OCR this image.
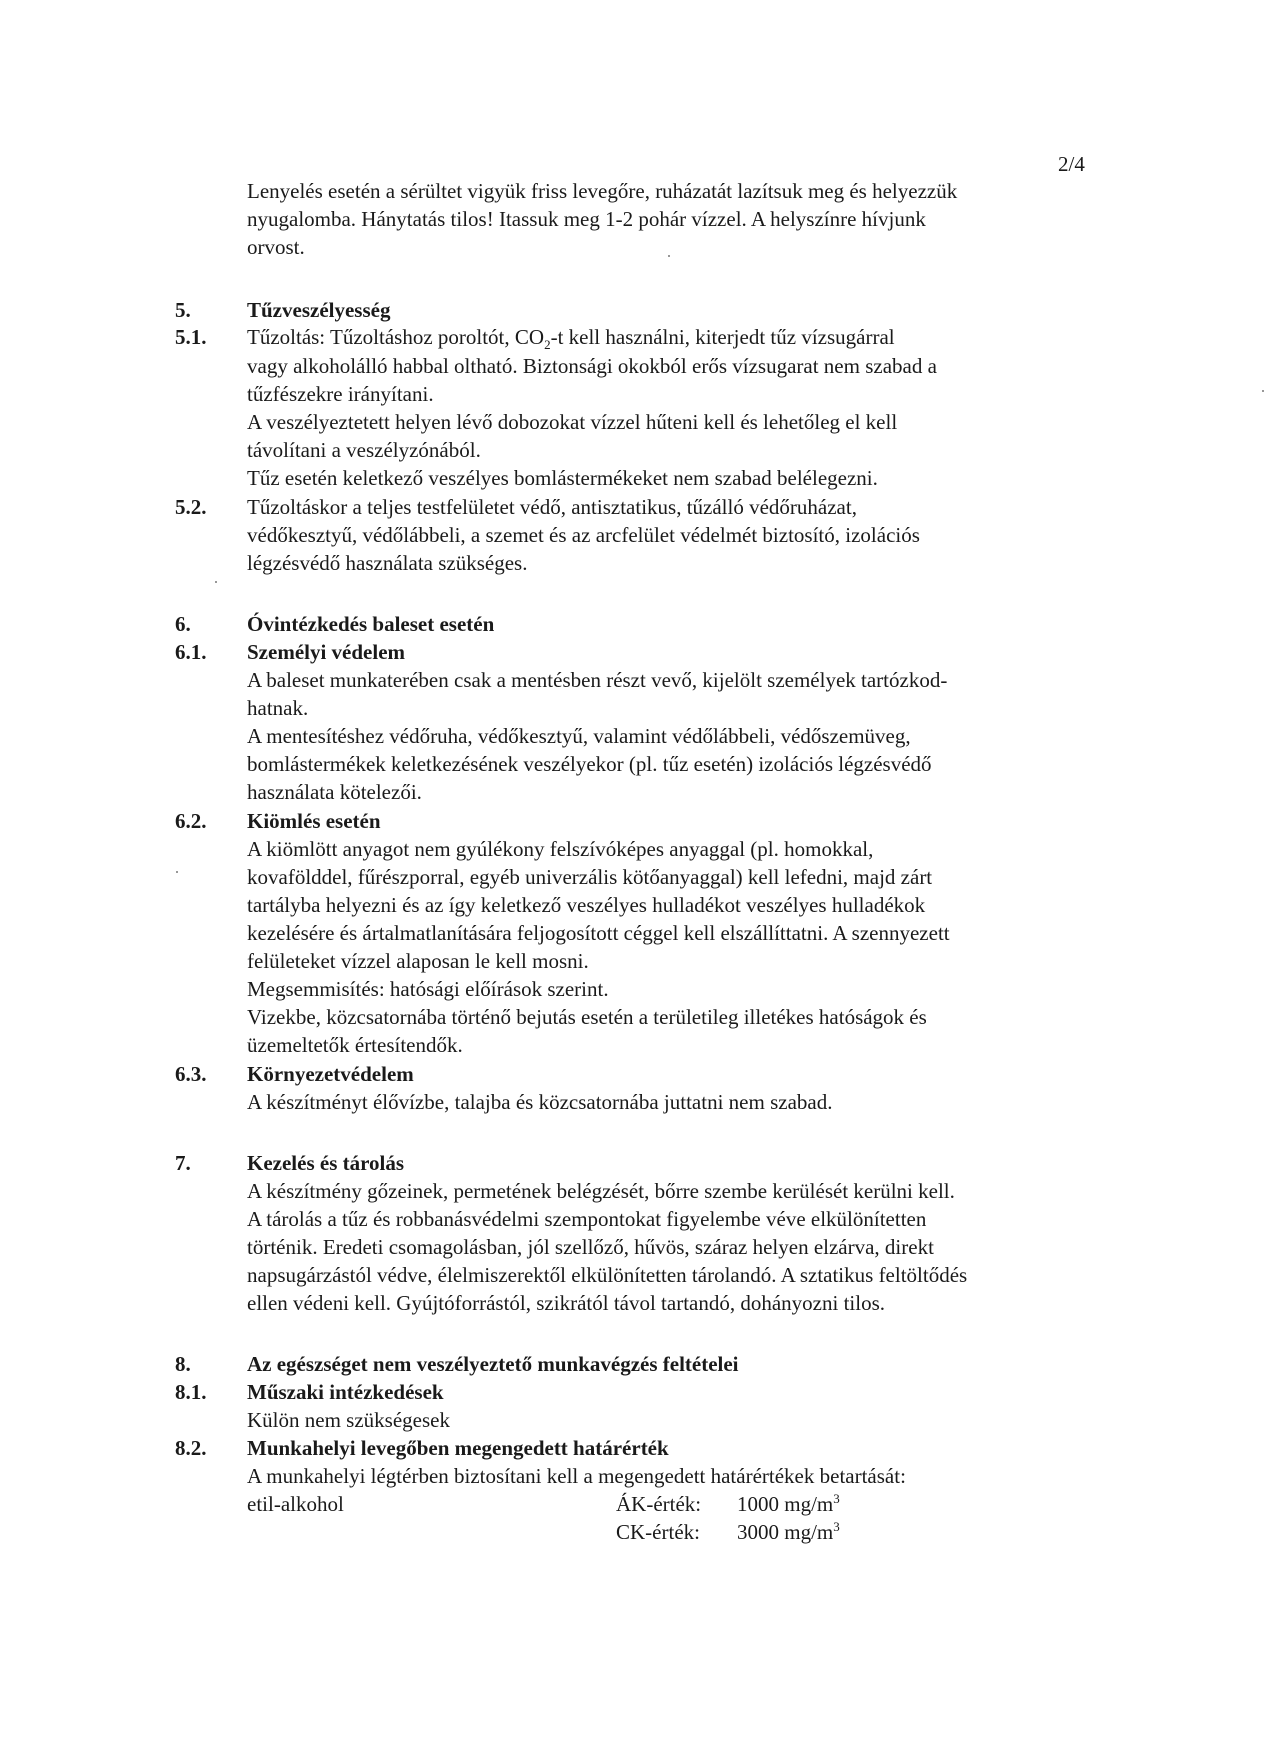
2/4
Lenyelés esetén a sérültet vigyük friss levegőre, ruházatát lazítsuk meg és helyezzük
nyugalomba. Hánytatás tilos! Itassuk meg 1-2 pohár vízzel. A helyszínre hívjunk
orvost.
5.	Tűzveszélyesség
5.1. Tűzoltás: Tűzoltáshoz poroltót, $CO_2-t$ kell használni, kiterjedt tűz vízsugárral
vagy alkoholálló habbal oltható. Biztonsági okokból erős vízsugarat nem szabad a
tűzfészekre irányítani.
A veszélyeztetett helyen lévő dobozokat vízzel hűteni kell és lehetőleg el kell
távolítani a veszélyzónából.
Tűz esetén keletkező veszélyes bomlástermékeket nem szabad belélegezni.
5.2. Tűzoltáskor a teljes testfelületet védő, antisztatikus, tűzálló védőruházat,
védőkesztyű, védőlábbeli, a szemet és az arcfelület védelmét biztosító, izolációs
légzésvédő használata szükséges.
6.	Óvintézkedés baleset esetén
6.1. Személyi védelem
A baleset munkaterében csak a mentésben részt vevő, kijelölt személyek tartózkod-
hatnak.
A mentesítéshez védőruha, védőkesztyű, valamint védőlábbeli, védőszemüveg,
bomlástermékek keletkezésének veszélyekor (pl. tűz esetén) izolációs légzésvédő
használata kötelezői.
6.2. Kiömlés esetén
A kiömlött anyagot nem gyúlékony felszívóképes anyaggal (pl. homokkal,
kovafölddel, fűrészporral, egyéb univerzális kötőanyaggal) kell lefedni, majd zárt
tartályba helyezni és az így keletkező veszélyes hulladékot veszélyes hulladékok
kezelésére és ártalmatlanítására feljogosított céggel kell elszállíttatni. A szennyezett
felületeket vízzel alaposan le kell mosni.
Megsemmisítés: hatósági előírások szerint.
Vizekbe, közcsatornába történő bejutás esetén a területileg illetékes hatóságok és
üzemeltetők értesítendők.
6.3. Környezetvédelem
A készítményt élővízbe, talajba és közcsatornába juttatni nem szabad.
7.	Kezelés és tárolás
A készítmény gőzeinek, permetének belégzését, bőrre szembe kerülését kerülni kell.
A tárolás a tűz és robbanásvédelmi szempontokat figyelembe véve elkülönítetten
történik. Eredeti csomagolásban, jól szellőző, hűvös, száraz helyen elzárva, direkt
napsugárzástól védve, élelmiszerektől elkülönítetten tárolandó. A sztatikus feltöltődés
ellen védeni kell. Gyújtóforrástól, szikrától távol tartandó, dohányozni tilos.
8.	Az egészséget nem veszélyeztető munkavégzés feltételei
8.1. Műszaki intézkedések
Külön nem szükségesek
8.2. Munkahelyi levegőben megengedett határérték
A munkahelyi légtérben biztosítani kell a megengedett határértékek betartását:
etil-alkohol	ÁK-érték: 1000 $mg/m^3$
CK-érték: 3000 $mg/m^3$
